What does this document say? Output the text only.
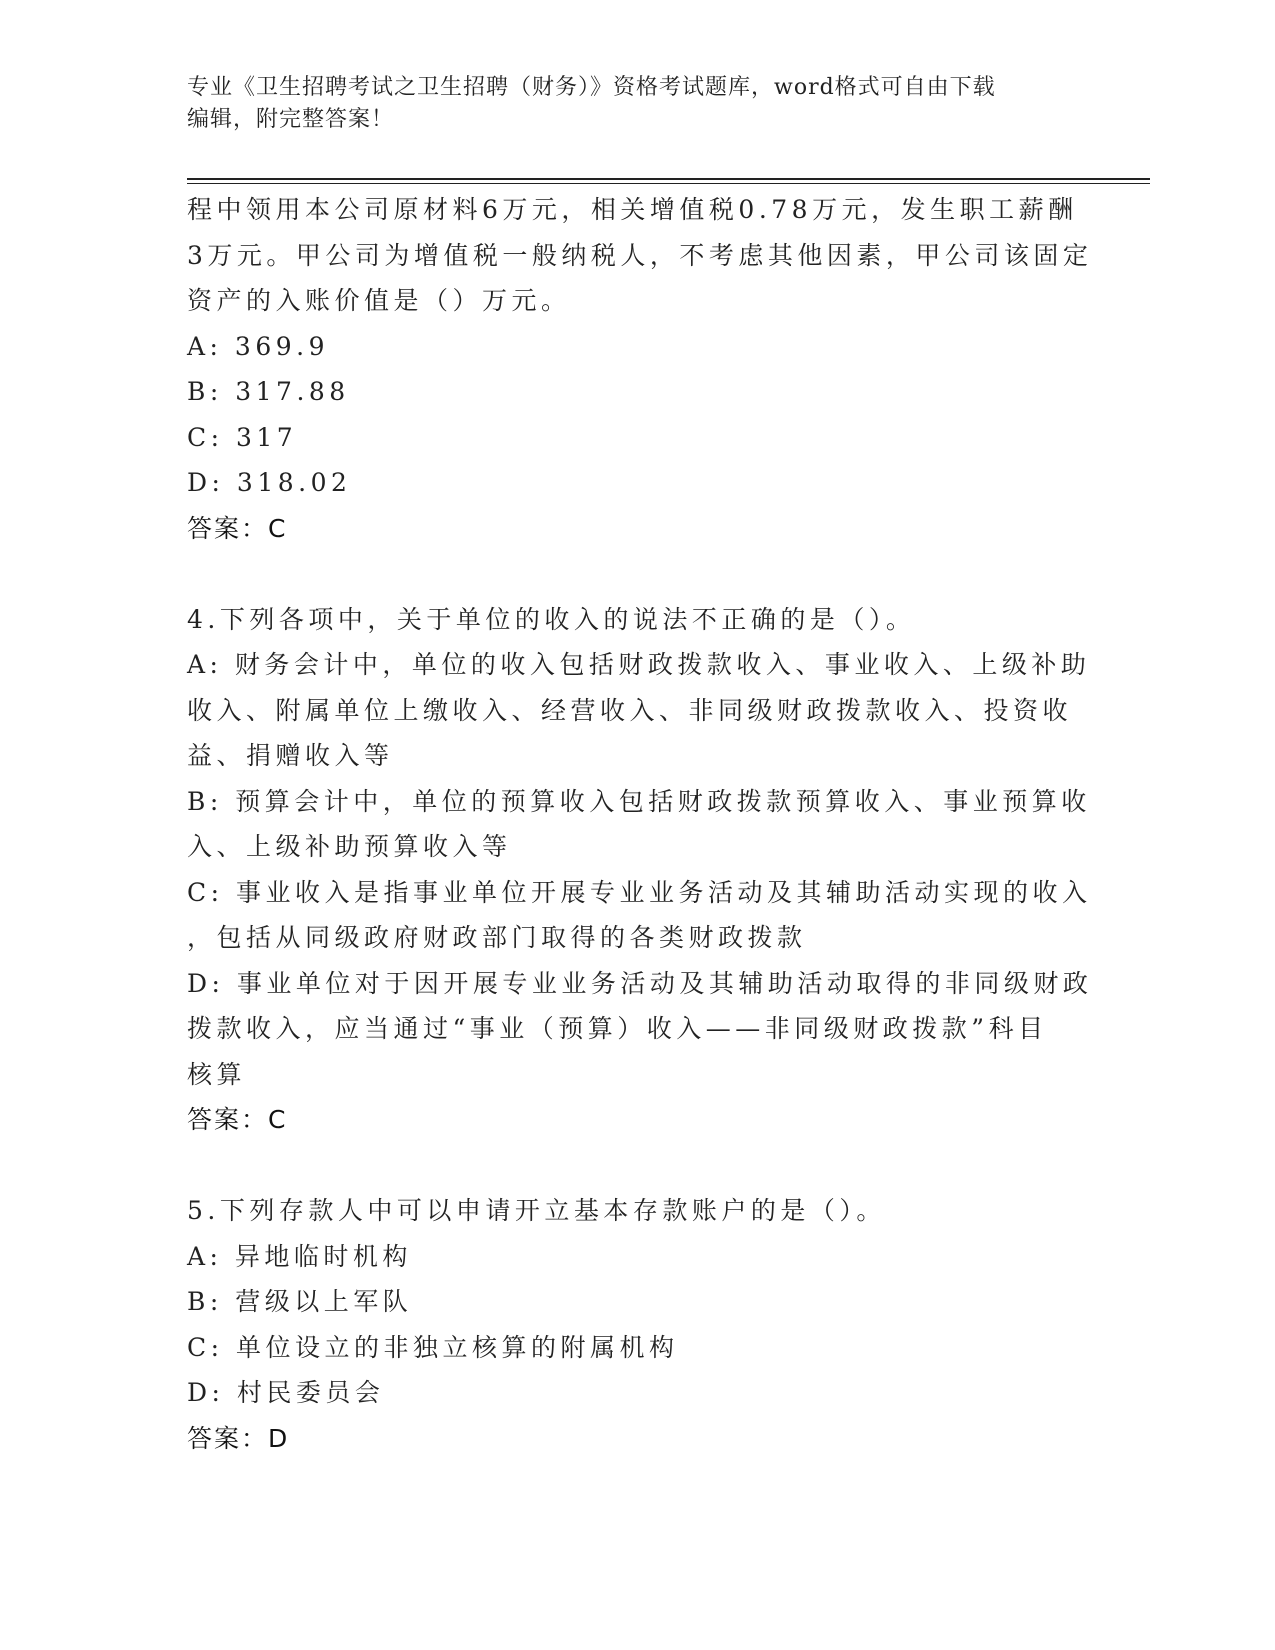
专业《卫生招聘考试之卫生招聘（财务）》资格考试题库，word格式可自由下载
编辑，附完整答案！
程中领用本公司原材料6万元，相关增值税0.78万元，发生职工薪酬
3万元。甲公司为增值税一般纳税人，不考虑其他因素，甲公司该固定
资产的入账价值是（）万元。
A: 369.9
B: 317.88
C: 317
D: 318.02
答案：C
4.下列各项中，关于单位的收入的说法不正确的是（）。
A: 财务会计中，单位的收入包括财政拨款收入、事业收入、上级补助
收入、附属单位上缴收入、经营收入、非同级财政拨款收入、投资收
益、捐赠收入等
B: 预算会计中，单位的预算收入包括财政拨款预算收入、事业预算收
入、上级补助预算收入等
C: 事业收入是指事业单位开展专业业务活动及其辅助活动实现的收入
，包括从同级政府财政部门取得的各类财政拨款
D: 事业单位对于因开展专业业务活动及其辅助活动取得的非同级财政
拨款收入，应当通过“事业（预算）收入——非同级财政拨款”科目
核算
答案：C
5.下列存款人中可以申请开立基本存款账户的是（）。
A: 异地临时机构
B: 营级以上军队
C: 单位设立的非独立核算的附属机构
D: 村民委员会
答案：D
